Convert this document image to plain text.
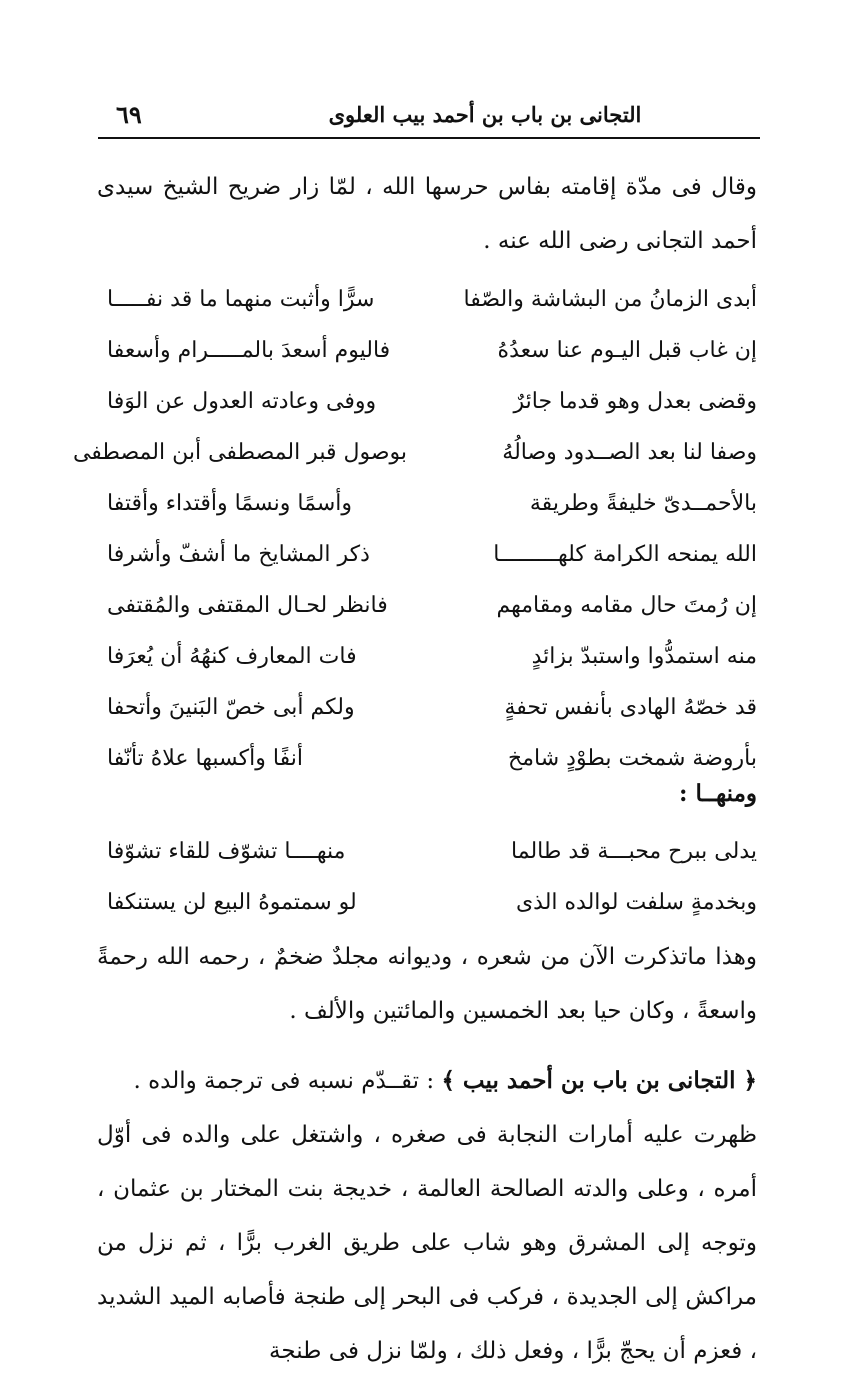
٦٩	التجانى بن باب بن أحمد بيب العلوى

وقال فى مدّة إقامته بفاس حرسها الله ، لمّا زار ضريح الشيخ سيدى أحمد التجانى رضى الله عنه .

أبدى الزمانُ من البشاشة والصّفا
سرًّا وأثبت منهما ما قد نفـــــا
إن غاب قبل اليـوم عنا سعدُهُ
فاليوم أسعدَ بالمـــــرام وأسعفا
وقضى بعدل وهو قدما جائرٌ
ووفى وعادته العدول عن الوَفا
وصفا لنا بعد الصــدود وصالُهُ
بوصول قبر المصطفى أبن المصطفى
بالأحمــدىّ خليفةً وطريقة
وأسمًا ونسمًا وأقتداء وأقتفا
الله يمنحه الكرامة كلهـــــــــا
ذكر المشايخ ما أشفّ وأشرفا
إن رُمتَ حال مقامه ومقامهم
فانظر لحـال المقتفى والمُقتفى
منه استمدُّوا واستبدّ بزائدٍ
فات المعارف كنهُهُ أن يُعرَفا
قد خصّهُ الهادى بأنفس تحفةٍ
ولكم أبى خصّ البَنينَ وأتحفا
بأروضة شمخت بطوْدٍ شامخ
أنفًا وأكسبها علاهُ تأنّفا

ومنهــا :

يدلى ببرح محبـــة قد طالما
منهــــا تشوّف للقاء تشوّفا
وبخدمةٍ سلفت لوالده الذى
لو سمتموهُ البيع لن يستنكفا

وهذا ماتذكرت الآن من شعره ، وديوانه مجلدٌ ضخمٌ ، رحمه الله رحمةً واسعةً ، وكان حيا بعد الخمسين والمائتين والألف .

﴿ التجانى بن باب بن أحمد بيب ﴾ : تقــدّم نسبه فى ترجمة والده .
ظهرت عليه أمارات النجابة فى صغره ، واشتغل على والده فى أوّل أمره ، وعلى والدته الصالحة العالمة ، خديجة بنت المختار بن عثمان ، وتوجه إلى المشرق وهو شاب على طريق الغرب برًّا ، ثم نزل من مراكش إلى الجديدة ، فركب فى البحر إلى طنجة فأصابه الميد الشديد ، فعزم أن يحجّ برًّا ، وفعل ذلك ، ولمّا نزل فى طنجة
